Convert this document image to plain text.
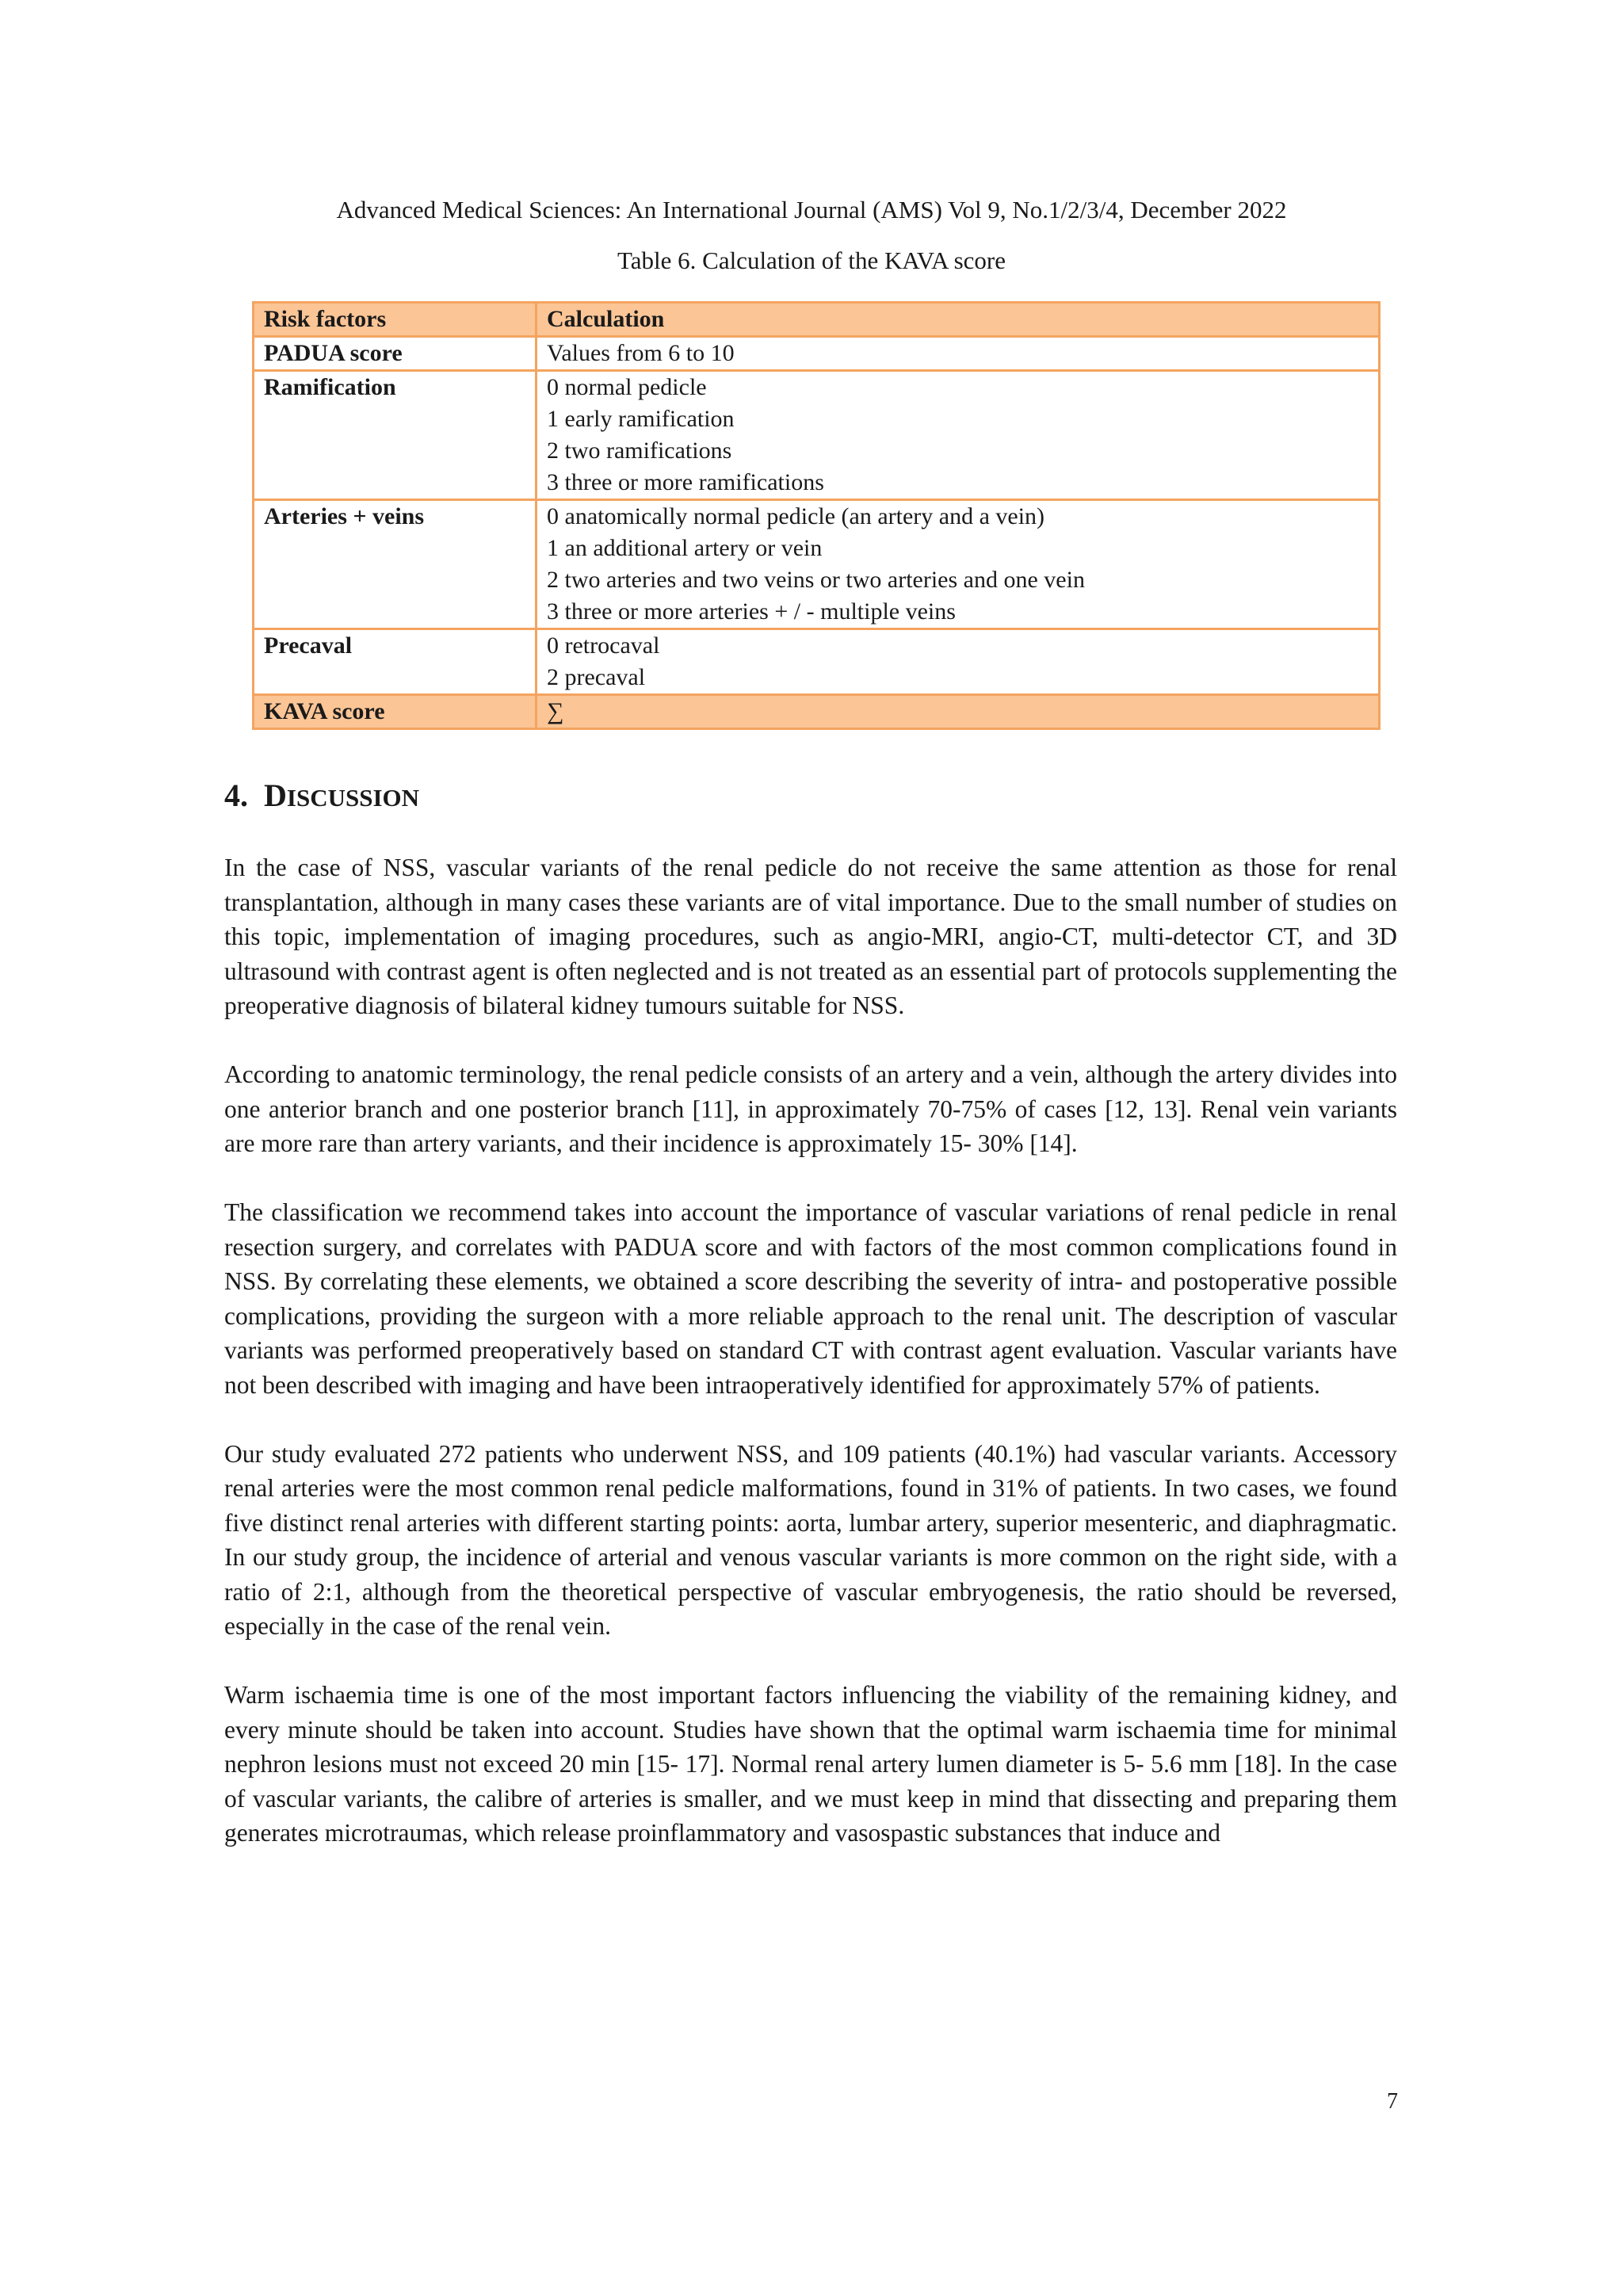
Advanced Medical Sciences: An International Journal (AMS) Vol 9, No.1/2/3/4, December 2022
Table 6. Calculation of the KAVA score
Risk factors	Calculation
PADUA score	Values from 6 to 10

Ramification	0 normal pedicle
1 early ramification
2 two ramifications
3 three or more ramifications

Arteries + veins	0 anatomically normal pedicle (an artery and a vein)
1 an additional artery or vein
2 two arteries and two veins or two arteries and one vein
3 three or more arteries + / - multiple veins

Precaval	0 retrocaval
2 precaval

KAVA score	∑
4. DISCUSSION

In the case of NSS, vascular variants of the renal pedicle do not receive the same attention as those for renal transplantation, although in many cases these variants are of vital importance. Due to the small number of studies on this topic, implementation of imaging procedures, such as angio-MRI, angio-CT, multi-detector CT, and 3D ultrasound with contrast agent is often neglected and is not treated as an essential part of protocols supplementing the preoperative diagnosis of bilateral kidney tumours suitable for NSS.

According to anatomic terminology, the renal pedicle consists of an artery and a vein, although the artery divides into one anterior branch and one posterior branch [11], in approximately 70-75% of cases [12, 13]. Renal vein variants are more rare than artery variants, and their incidence is approximately 15- 30% [14].

The classification we recommend takes into account the importance of vascular variations of renal pedicle in renal resection surgery, and correlates with PADUA score and with factors of the most common complications found in NSS. By correlating these elements, we obtained a score describing the severity of intra- and postoperative possible complications, providing the surgeon with a more reliable approach to the renal unit. The description of vascular variants was performed preoperatively based on standard CT with contrast agent evaluation. Vascular variants have not been described with imaging and have been intraoperatively identified for approximately 57% of patients.

Our study evaluated 272 patients who underwent NSS, and 109 patients (40.1%) had vascular variants. Accessory renal arteries were the most common renal pedicle malformations, found in 31% of patients. In two cases, we found five distinct renal arteries with different starting points: aorta, lumbar artery, superior mesenteric, and diaphragmatic. In our study group, the incidence of arterial and venous vascular variants is more common on the right side, with a ratio of 2:1, although from the theoretical perspective of vascular embryogenesis, the ratio should be reversed, especially in the case of the renal vein.

Warm ischaemia time is one of the most important factors influencing the viability of the remaining kidney, and every minute should be taken into account. Studies have shown that the optimal warm ischaemia time for minimal nephron lesions must not exceed 20 min [15- 17]. Normal renal artery lumen diameter is 5- 5.6 mm [18]. In the case of vascular variants, the calibre of arteries is smaller, and we must keep in mind that dissecting and preparing them generates microtraumas, which release proinflammatory and vasospastic substances that induce and

7
